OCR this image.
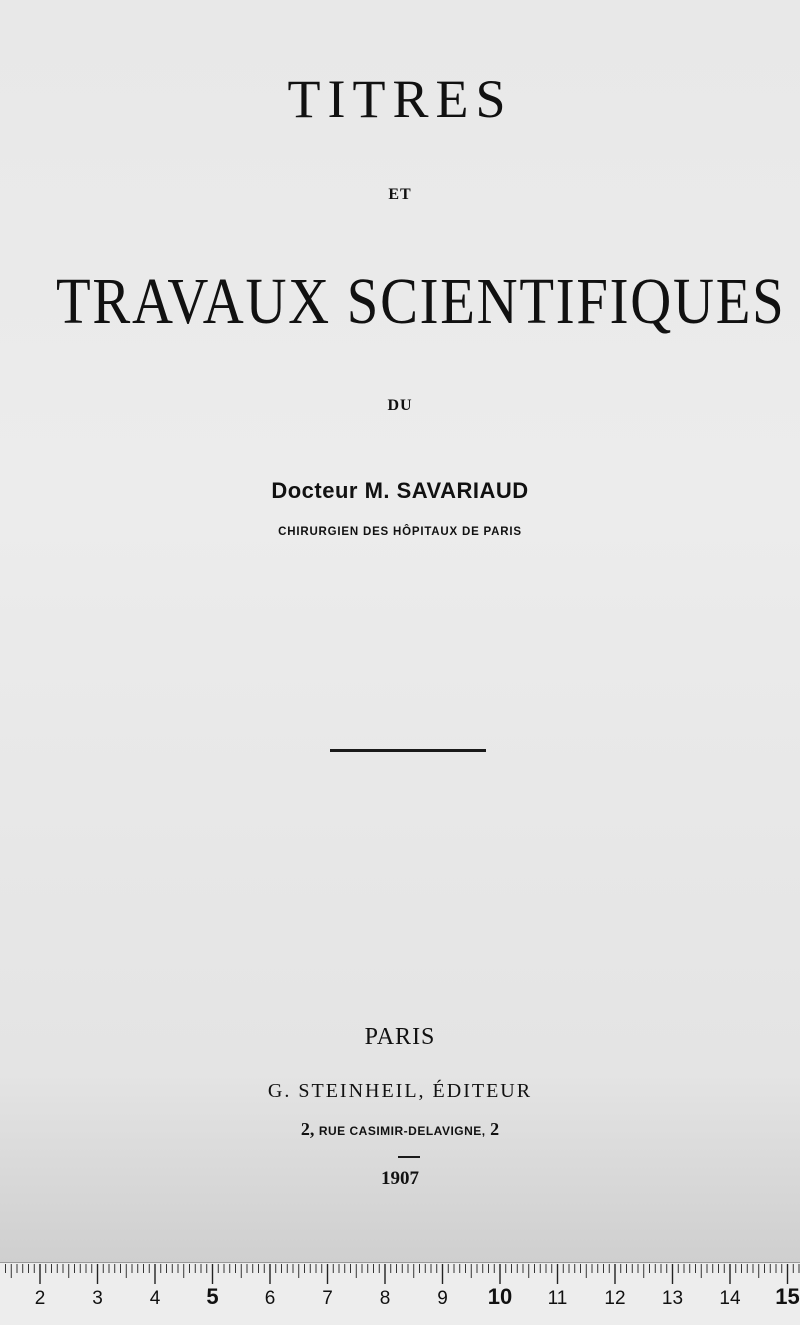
TITRES
ET
TRAVAUX SCIENTIFIQUES
DU
Docteur M. SAVARIAUD
CHIRURGIEN DES HÔPITAUX DE PARIS
PARIS
G. STEINHEIL, ÉDITEUR
2, RUE CASIMIR-DELAVIGNE, 2
1907
2 3 4 5 6 7 8 9 10 11 12 13 14 15
